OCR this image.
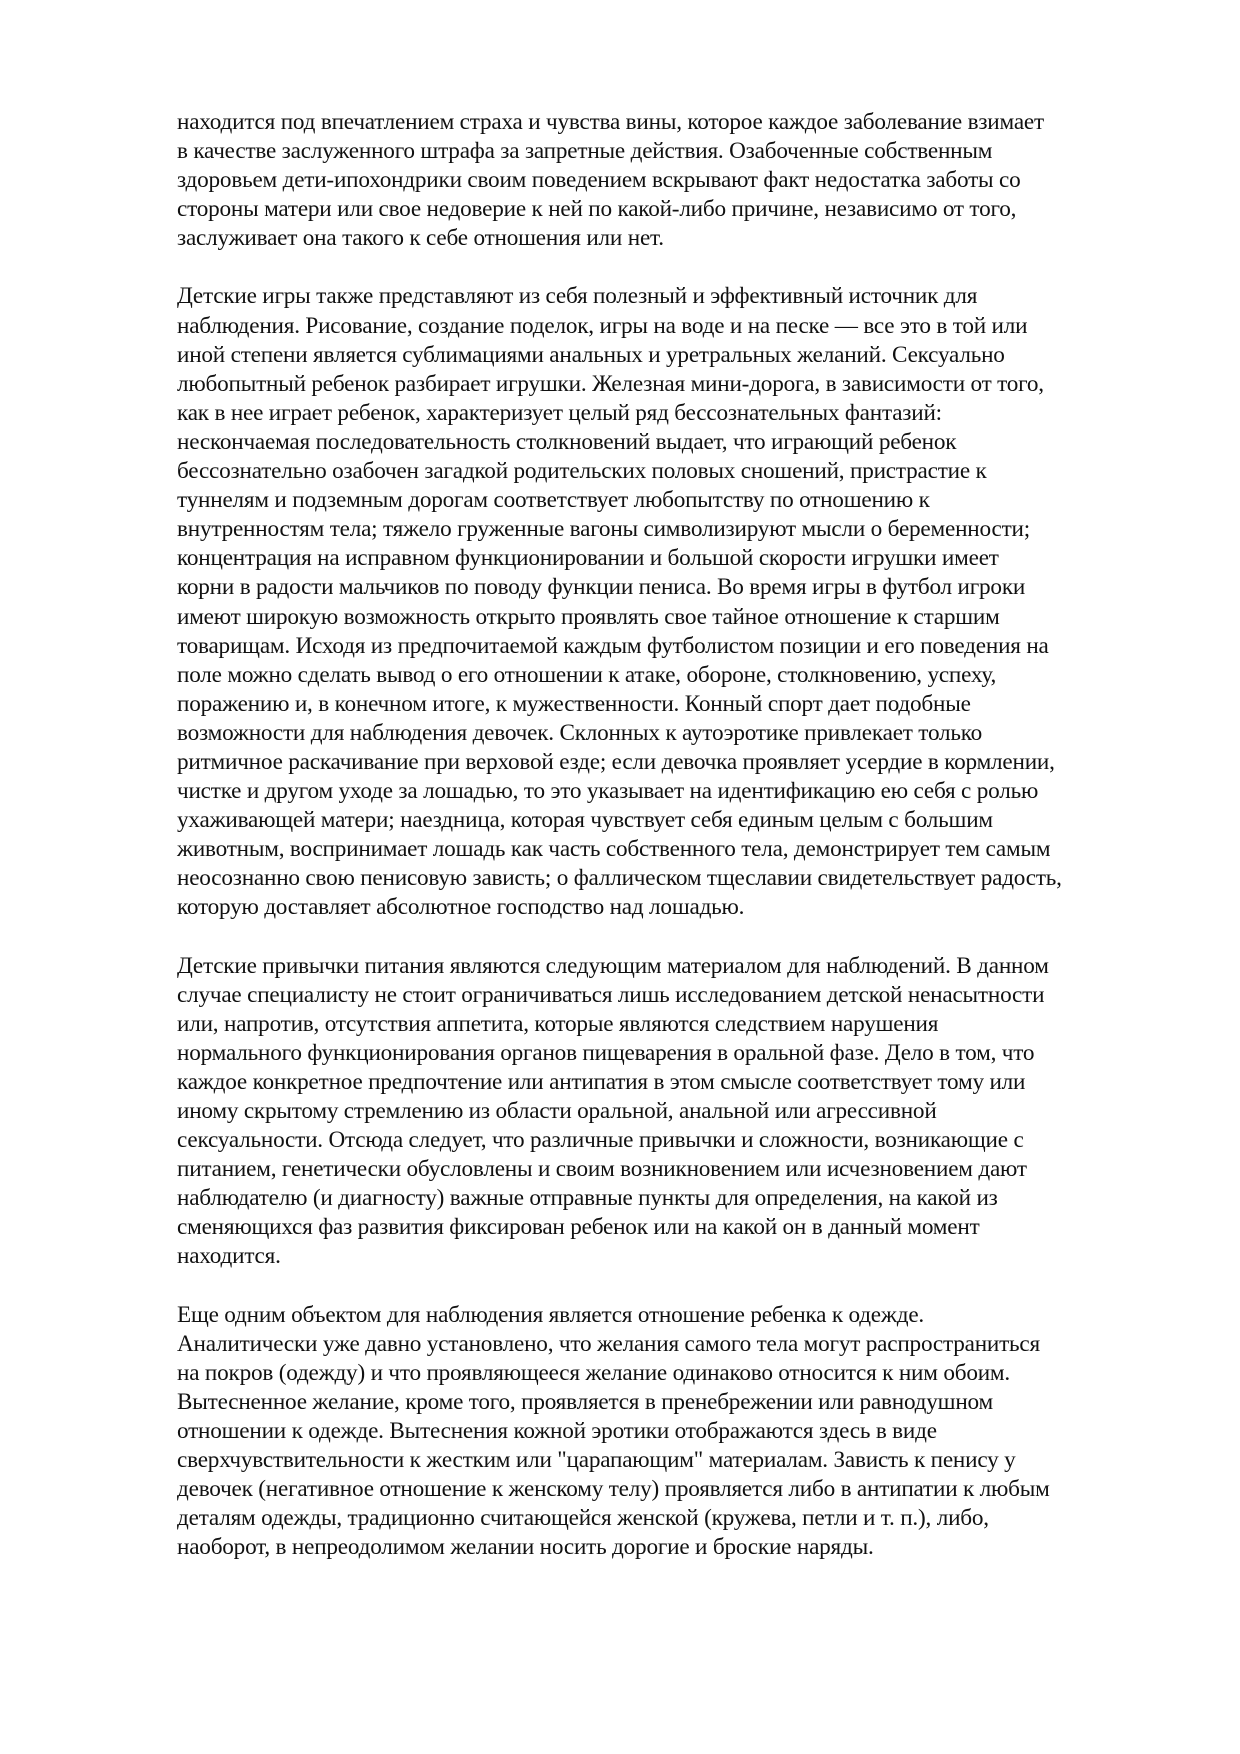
находится под впечатлением страха и чувства вины, которое каждое заболевание взимает
в качестве заслуженного штрафа за запретные действия. Озабоченные собственным
здоровьем дети-ипохондрики своим поведением вскрывают факт недостатка заботы со
стороны матери или свое недоверие к ней по какой-либо причине, независимо от того,
заслуживает она такого к себе отношения или нет.
Детские игры также представляют из себя полезный и эффективный источник для
наблюдения. Рисование, создание поделок, игры на воде и на песке — все это в той или
иной степени является сублимациями анальных и уретральных желаний. Сексуально
любопытный ребенок разбирает игрушки. Железная мини-дорога, в зависимости от того,
как в нее играет ребенок, характеризует целый ряд бессознательных фантазий:
нескончаемая последовательность столкновений выдает, что играющий ребенок
бессознательно озабочен загадкой родительских половых сношений, пристрастие к
туннелям и подземным дорогам соответствует любопытству по отношению к
внутренностям тела; тяжело груженные вагоны символизируют мысли о беременности;
концентрация на исправном функционировании и большой скорости игрушки имеет
корни в радости мальчиков по поводу функции пениса. Во время игры в футбол игроки
имеют широкую возможность открыто проявлять свое тайное отношение к старшим
товарищам. Исходя из предпочитаемой каждым футболистом позиции и его поведения на
поле можно сделать вывод о его отношении к атаке, обороне, столкновению, успеху,
поражению и, в конечном итоге, к мужественности. Конный спорт дает подобные
возможности для наблюдения девочек. Склонных к аутоэротике привлекает только
ритмичное раскачивание при верховой езде; если девочка проявляет усердие в кормлении,
чистке и другом уходе за лошадью, то это указывает на идентификацию ею себя с ролью
ухаживающей матери; наездница, которая чувствует себя единым целым с большим
животным, воспринимает лошадь как часть собственного тела, демонстрирует тем самым
неосознанно свою пенисовую зависть; о фаллическом тщеславии свидетельствует радость,
которую доставляет абсолютное господство над лошадью.
Детские привычки питания являются следующим материалом для наблюдений. В данном
случае специалисту не стоит ограничиваться лишь исследованием детской ненасытности
или, напротив, отсутствия аппетита, которые являются следствием нарушения
нормального функционирования органов пищеварения в оральной фазе. Дело в том, что
каждое конкретное предпочтение или антипатия в этом смысле соответствует тому или
иному скрытому стремлению из области оральной, анальной или агрессивной
сексуальности. Отсюда следует, что различные привычки и сложности, возникающие с
питанием, генетически обусловлены и своим возникновением или исчезновением дают
наблюдателю (и диагносту) важные отправные пункты для определения, на какой из
сменяющихся фаз развития фиксирован ребенок или на какой он в данный момент
находится.
Еще одним объектом для наблюдения является отношение ребенка к одежде.
Аналитически уже давно установлено, что желания самого тела могут распространиться
на покров (одежду) и что проявляющееся желание одинаково относится к ним обоим.
Вытесненное желание, кроме того, проявляется в пренебрежении или равнодушном
отношении к одежде. Вытеснения кожной эротики отображаются здесь в виде
сверхчувствительности к жестким или "царапающим" материалам. Зависть к пенису у
девочек (негативное отношение к женскому телу) проявляется либо в антипатии к любым
деталям одежды, традиционно считающейся женской (кружева, петли и т. п.), либо,
наоборот, в непреодолимом желании носить дорогие и броские наряды.
